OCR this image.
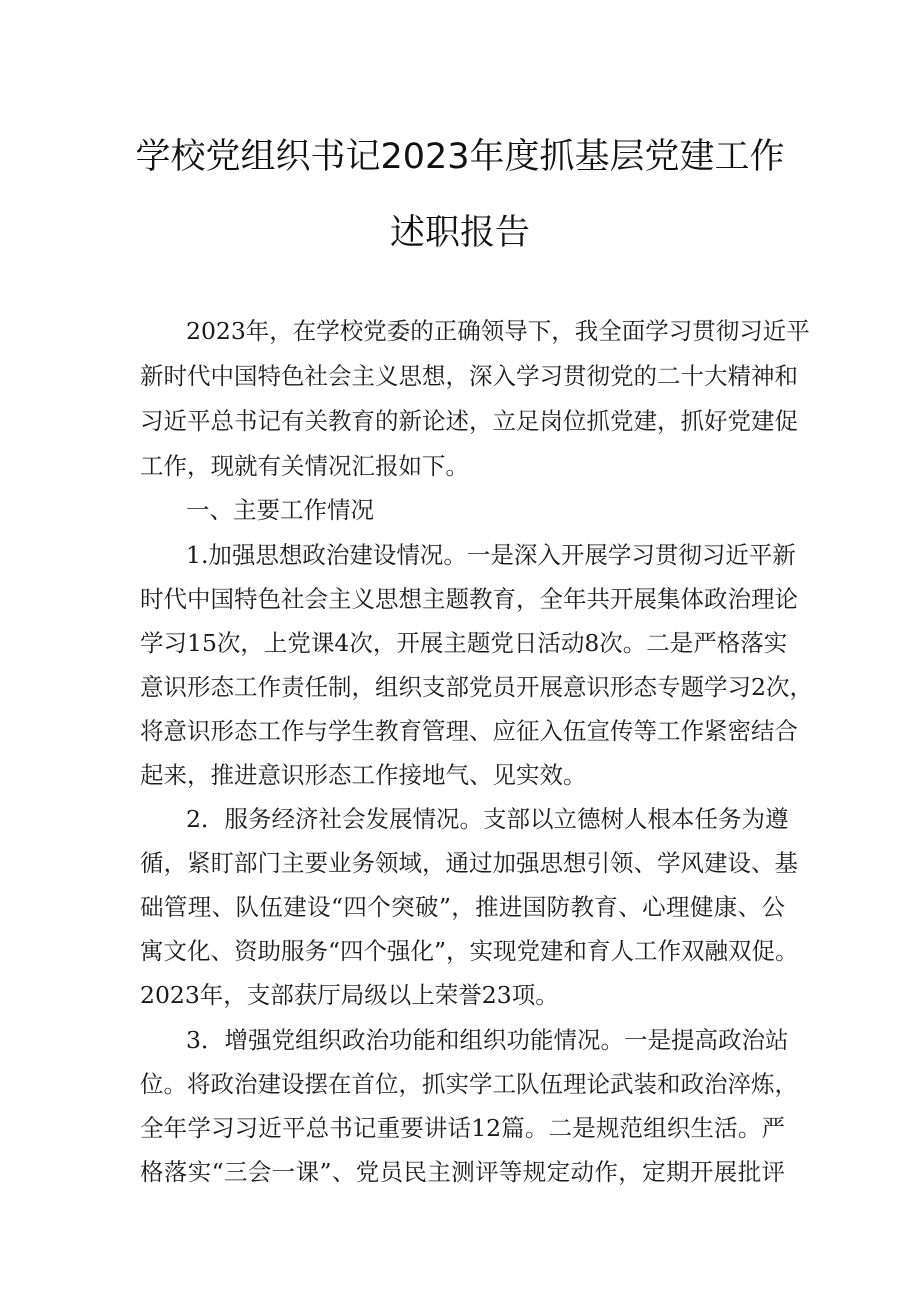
学校党组织书记2023年度抓基层党建工作
述职报告
2023年，在学校党委的正确领导下，我全面学习贯彻习近平
新时代中国特色社会主义思想，深入学习贯彻党的二十大精神和
习近平总书记有关教育的新论述，立足岗位抓党建，抓好党建促
工作，现就有关情况汇报如下。
一、主要工作情况
1.加强思想政治建设情况。一是深入开展学习贯彻习近平新
时代中国特色社会主义思想主题教育，全年共开展集体政治理论
学习15次，上党课4次，开展主题党日活动8次。二是严格落实
意识形态工作责任制，组织支部党员开展意识形态专题学习2次，
将意识形态工作与学生教育管理、应征入伍宣传等工作紧密结合
起来，推进意识形态工作接地气、见实效。
2．服务经济社会发展情况。支部以立德树人根本任务为遵
循，紧盯部门主要业务领域，通过加强思想引领、学风建设、基
础管理、队伍建设“四个突破”，推进国防教育、心理健康、公
寓文化、资助服务“四个强化”，实现党建和育人工作双融双促。
2023年，支部获厅局级以上荣誉23项。
3．增强党组织政治功能和组织功能情况。一是提高政治站
位。将政治建设摆在首位，抓实学工队伍理论武装和政治淬炼，
全年学习习近平总书记重要讲话12篇。二是规范组织生活。严
格落实“三会一课”、党员民主测评等规定动作，定期开展批评
